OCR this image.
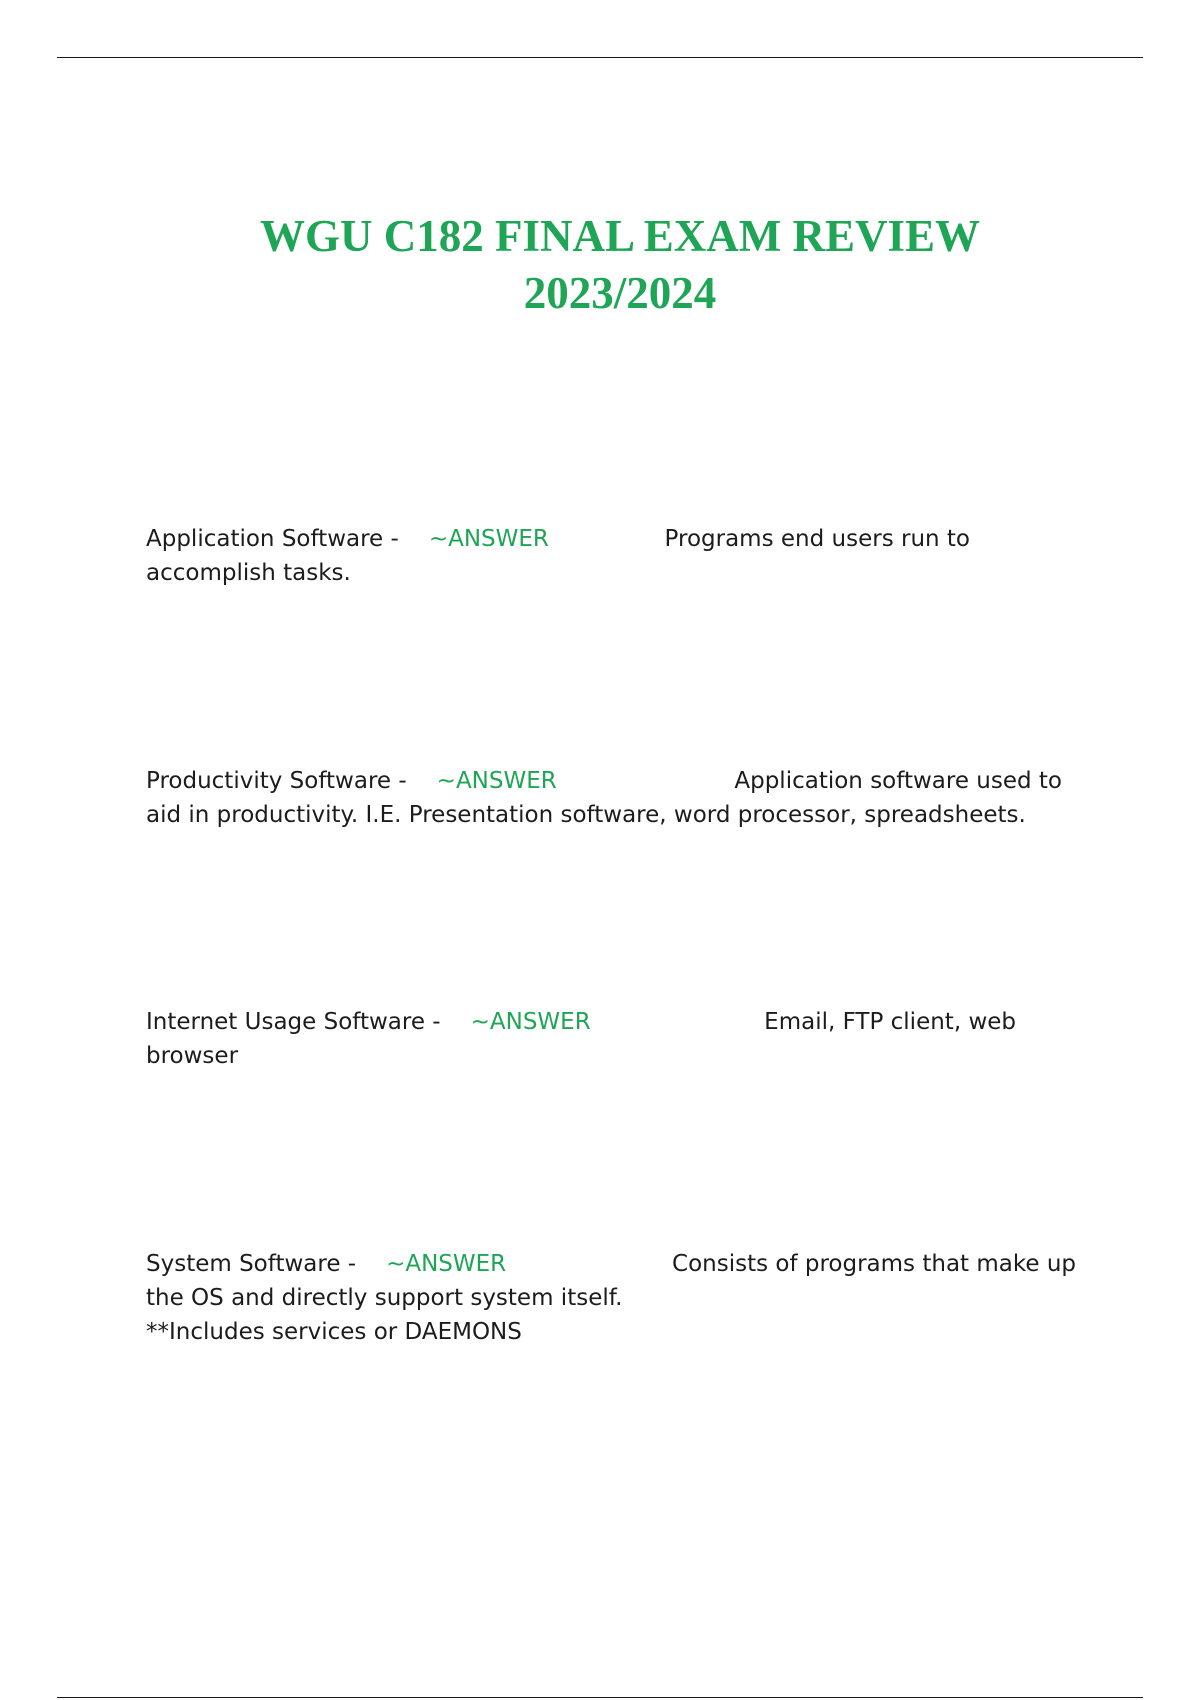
WGU C182 FINAL EXAM REVIEW
2023/2024
Application Software - ~ANSWER	Programs end users run to
accomplish tasks.
Productivity Software - ~ANSWER	Application software used to
aid in productivity. I.E. Presentation software, word processor, spreadsheets.
Internet Usage Software - ~ANSWER	Email, FTP client, web
browser
System Software - ~ANSWER	Consists of programs that make up
the OS and directly support system itself.
**Includes services or DAEMONS
